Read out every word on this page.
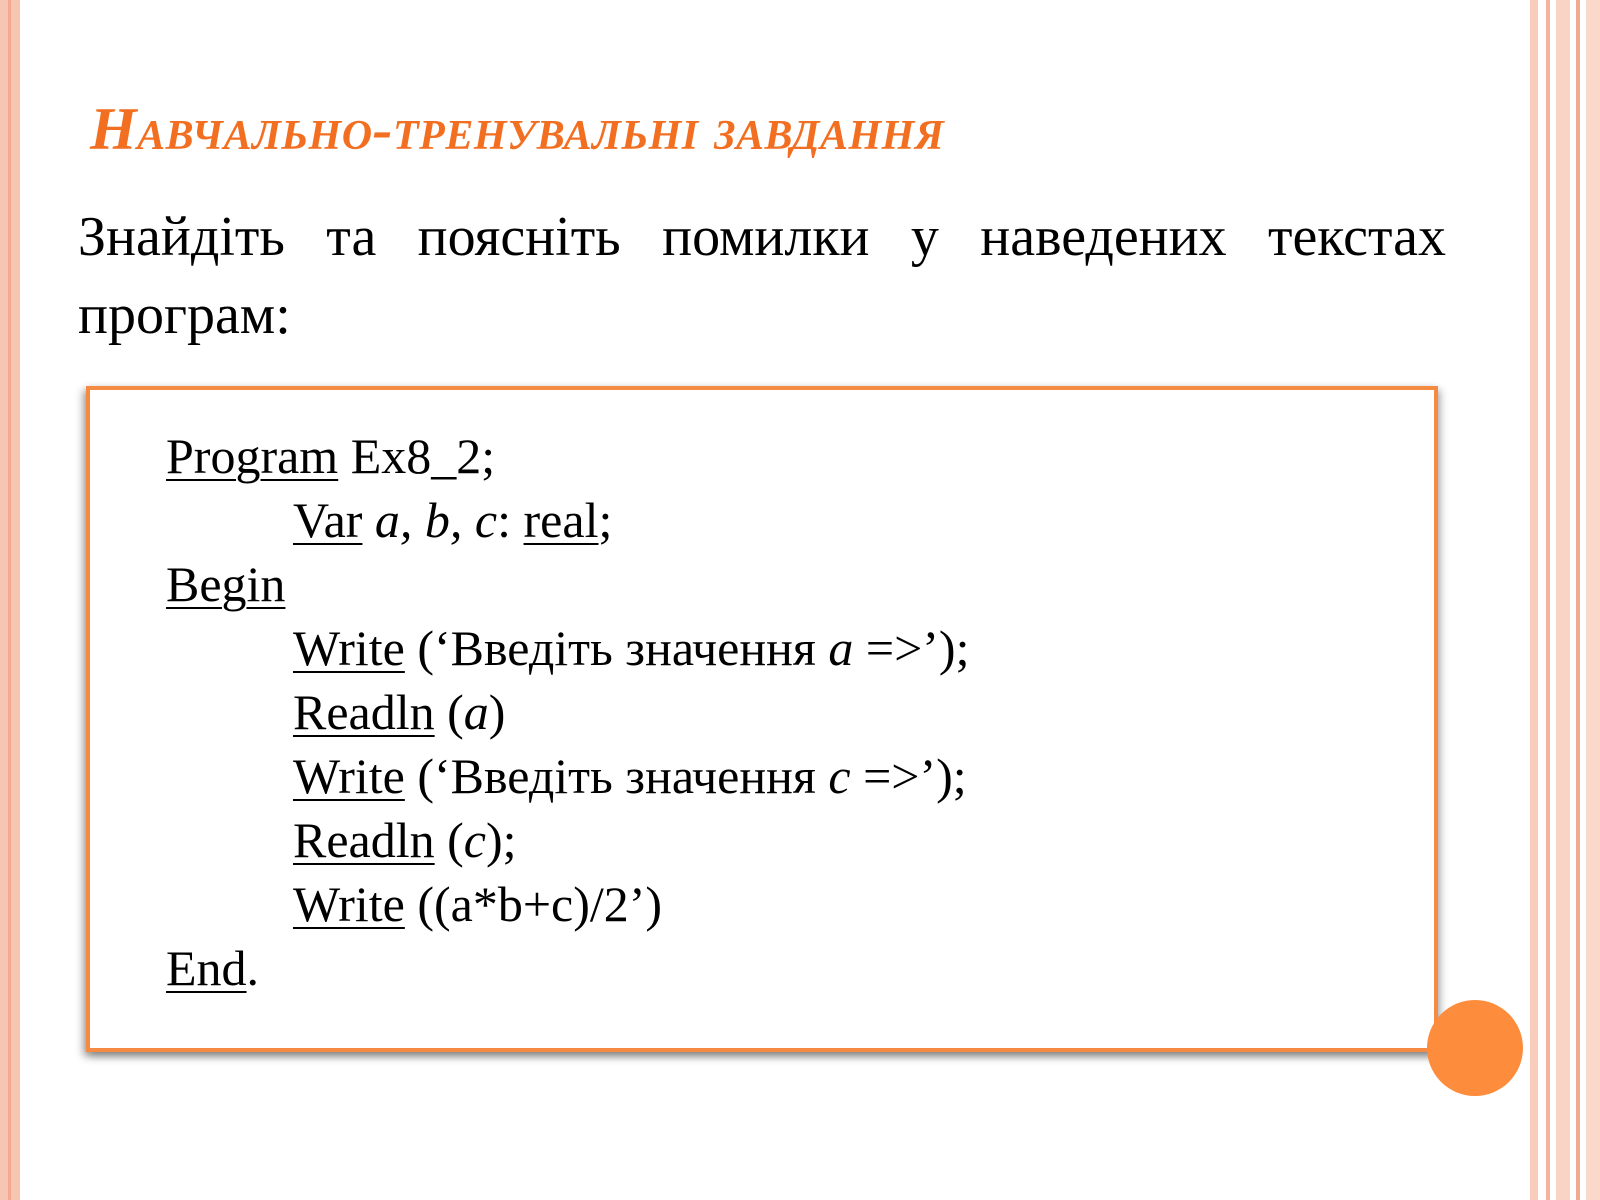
Навчально-тренувальні завдання

Знайдіть та поясніть помилки у наведених текстах програм:

Program Ex8_2;
Var a, b, c: real;
Begin
Write (‘Введіть значення a =>’);
Readln (a)
Write (‘Введіть значення c =>’);
Readln (c);
Write ((a*b+c)/2’)
End.
